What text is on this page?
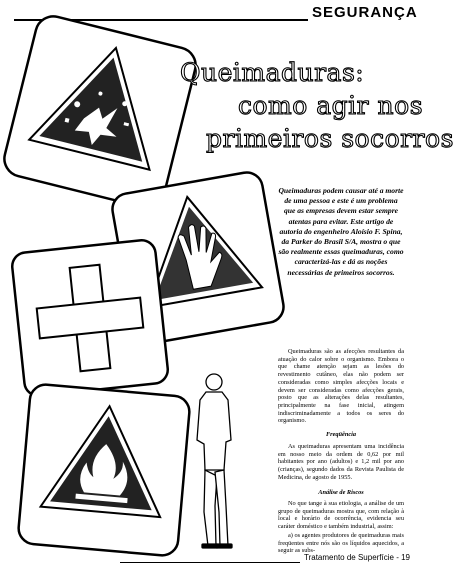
SEGURANÇA
Queimaduras:
como agir nos
primeiros socorros
Queimaduras podem causar até a morte de uma pessoa e este é um problema que as empresas devem estar sempre atentas para evitar. Este artigo de autoria do engenheiro Aloísio F. Spina, da Parker do Brasil S/A, mostra o que são realmente essas queimaduras, como caracterizá-las e dá as noções necessárias de primeiros socorros.

Queimaduras são as afecções resultantes da atuação do calor sobre o organismo. Embora o que chame atenção sejam as lesões do revestimento cutâneo, elas não podem ser consideradas como simples afecções locais e devem ser consideradas como afecções gerais, posto que as alterações delas resultantes, principalmente na fase inicial, atingem indiscriminadamente a todos os seres do organismo.

Freqüência

As queimaduras apresentam uma incidência em nosso meio da ordem de 0,62 por mil habitantes por ano (adultos) e 1,2 mil por ano (crianças), segundo dados da Revista Paulista de Medicina, de agosto de 1955.

Análise de Riscos

No que tange à sua etiologia, a análise de um grupo de queimaduras mostra que, com relação à local e horário de ocorrência, evidencia seu caráter doméstico e também industrial, assim:

a) os agentes produtores de queimaduras mais freqüentes entre nós são os líquidos aquecidos, a seguir as subs-

Tratamento de Superfície - 19
